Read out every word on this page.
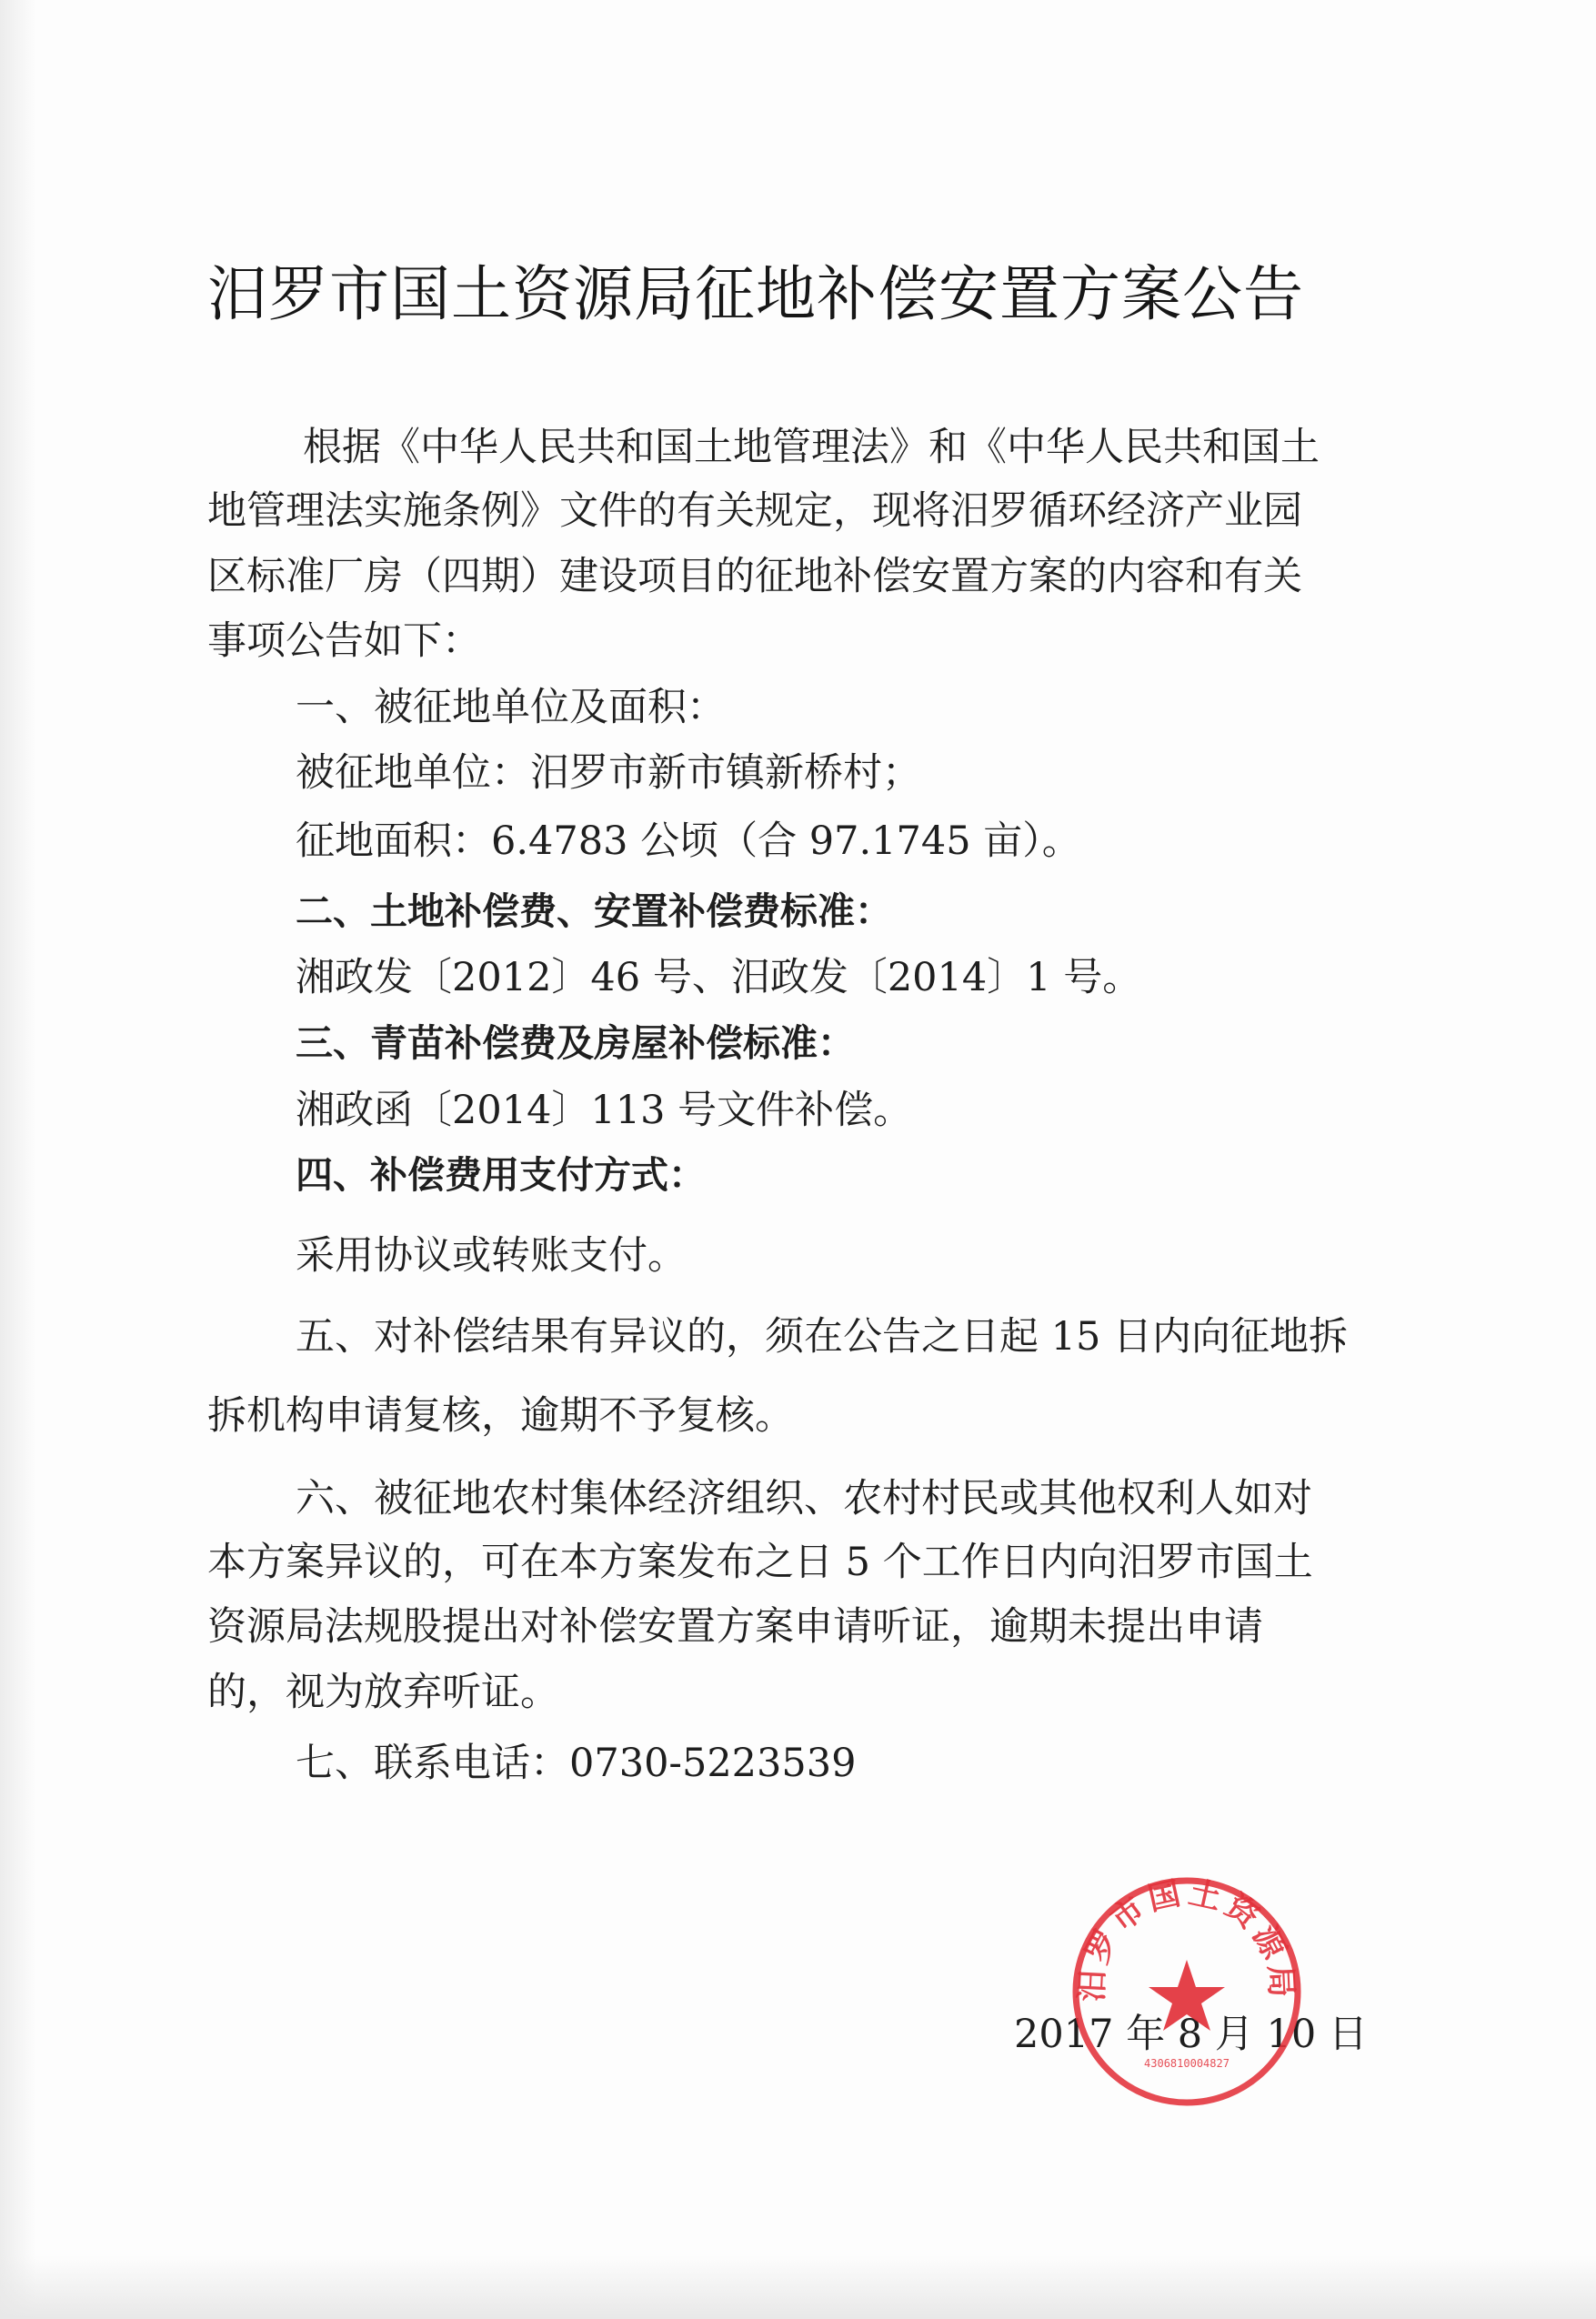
汨罗市国土资源局征地补偿安置方案公告
根据《中华人民共和国土地管理法》和《中华人民共和国土
地管理法实施条例》文件的有关规定，现将汨罗循环经济产业园
区标准厂房（四期）建设项目的征地补偿安置方案的内容和有关
事项公告如下：
一、被征地单位及面积：
被征地单位：汨罗市新市镇新桥村；
征地面积：6.4783 公顷（合 97.1745 亩）。
二、土地补偿费、安置补偿费标准：
湘政发〔2012〕46 号、汨政发〔2014〕1 号。
三、青苗补偿费及房屋补偿标准：
湘政函〔2014〕113 号文件补偿。
四、补偿费用支付方式：
采用协议或转账支付。
五、对补偿结果有异议的，须在公告之日起 15 日内向征地拆
拆机构申请复核，逾期不予复核。
六、被征地农村集体经济组织、农村村民或其他权利人如对
本方案异议的，可在本方案发布之日 5 个工作日内向汨罗市国土
资源局法规股提出对补偿安置方案申请听证，逾期未提出申请
的，视为放弃听证。
七、联系电话：0730-5223539
2017 年 8 月 10 日
汨罗市国土资源局
4306810004827
